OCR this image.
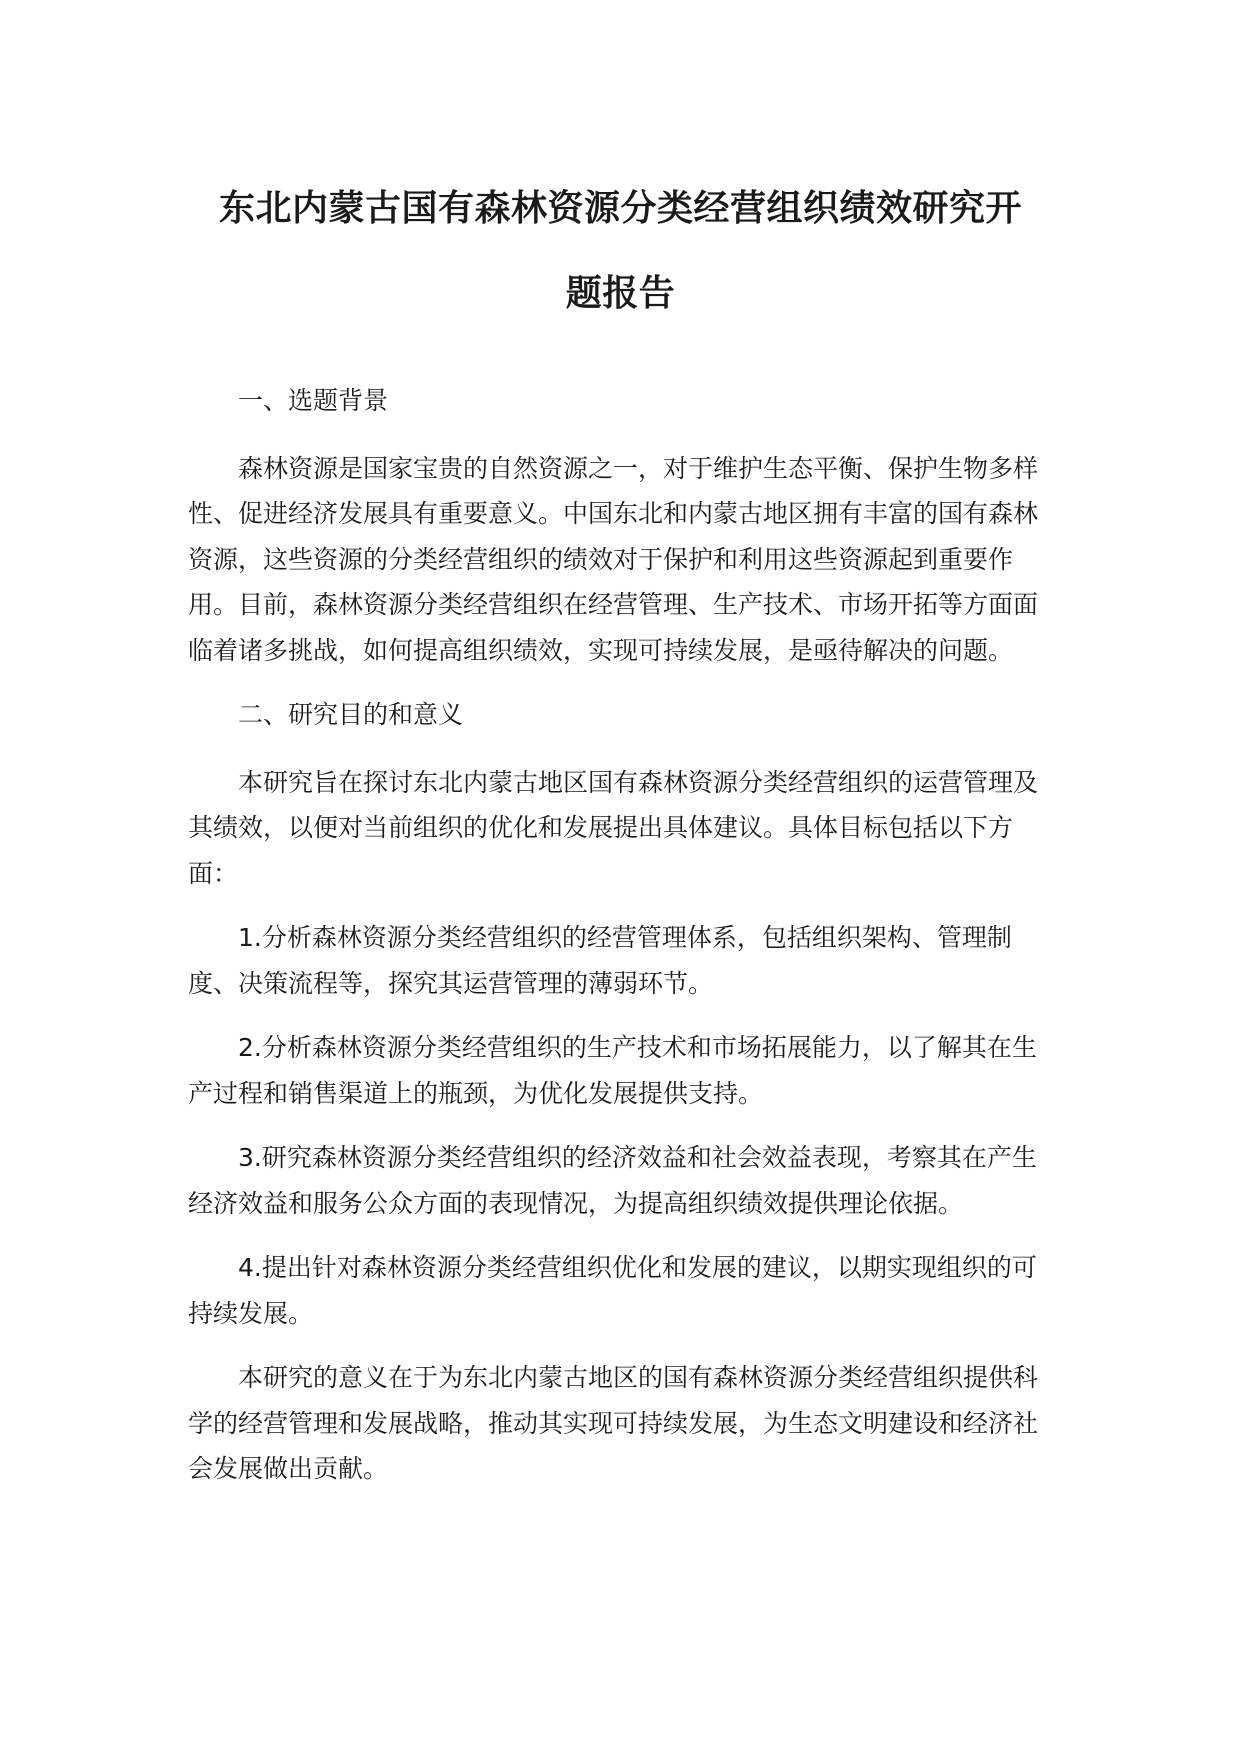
东北内蒙古国有森林资源分类经营组织绩效研究开
题报告

一、选题背景

森林资源是国家宝贵的自然资源之一，对于维护生态平衡、保护生物多样性、促进经济发展具有重要意义。中国东北和内蒙古地区拥有丰富的国有森林资源，这些资源的分类经营组织的绩效对于保护和利用这些资源起到重要作用。目前，森林资源分类经营组织在经营管理、生产技术、市场开拓等方面面临着诸多挑战，如何提高组织绩效，实现可持续发展，是亟待解决的问题。

二、研究目的和意义

本研究旨在探讨东北内蒙古地区国有森林资源分类经营组织的运营管理及其绩效，以便对当前组织的优化和发展提出具体建议。具体目标包括以下方面：

1.分析森林资源分类经营组织的经营管理体系，包括组织架构、管理制度、决策流程等，探究其运营管理的薄弱环节。

2.分析森林资源分类经营组织的生产技术和市场拓展能力，以了解其在生产过程和销售渠道上的瓶颈，为优化发展提供支持。

3.研究森林资源分类经营组织的经济效益和社会效益表现，考察其在产生经济效益和服务公众方面的表现情况，为提高组织绩效提供理论依据。

4.提出针对森林资源分类经营组织优化和发展的建议，以期实现组织的可持续发展。

本研究的意义在于为东北内蒙古地区的国有森林资源分类经营组织提供科学的经营管理和发展战略，推动其实现可持续发展，为生态文明建设和经济社会发展做出贡献。
